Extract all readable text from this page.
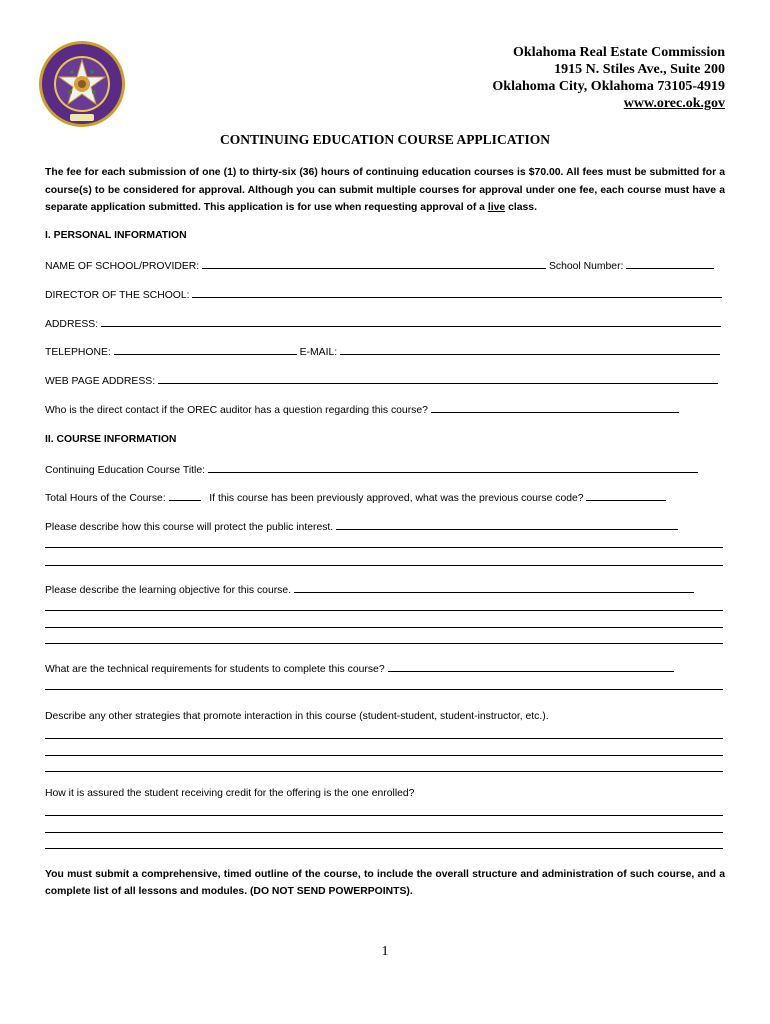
Oklahoma Real Estate Commission
1915 N. Stiles Ave., Suite 200
Oklahoma City, Oklahoma 73105-4919
www.orec.ok.gov
CONTINUING EDUCATION COURSE APPLICATION
The fee for each submission of one (1) to thirty-six (36) hours of continuing education courses is $70.00. All fees must be submitted for a course(s) to be considered for approval. Although you can submit multiple courses for approval under one fee, each course must have a separate application submitted. This application is for use when requesting approval of a live class.
I. PERSONAL INFORMATION
NAME OF SCHOOL/PROVIDER:	School Number:
DIRECTOR OF THE SCHOOL:
ADDRESS:
TELEPHONE:	E-MAIL:
WEB PAGE ADDRESS:
Who is the direct contact if the OREC auditor has a question regarding this course?
II. COURSE INFORMATION
Continuing Education Course Title:
Total Hours of the Course:	If this course has been previously approved, what was the previous course code?
Please describe how this course will protect the public interest.
Please describe the learning objective for this course.
What are the technical requirements for students to complete this course?
Describe any other strategies that promote interaction in this course (student-student, student-instructor, etc.).
How it is assured the student receiving credit for the offering is the one enrolled?
You must submit a comprehensive, timed outline of the course, to include the overall structure and administration of such course, and a complete list of all lessons and modules. (DO NOT SEND POWERPOINTS).
1
